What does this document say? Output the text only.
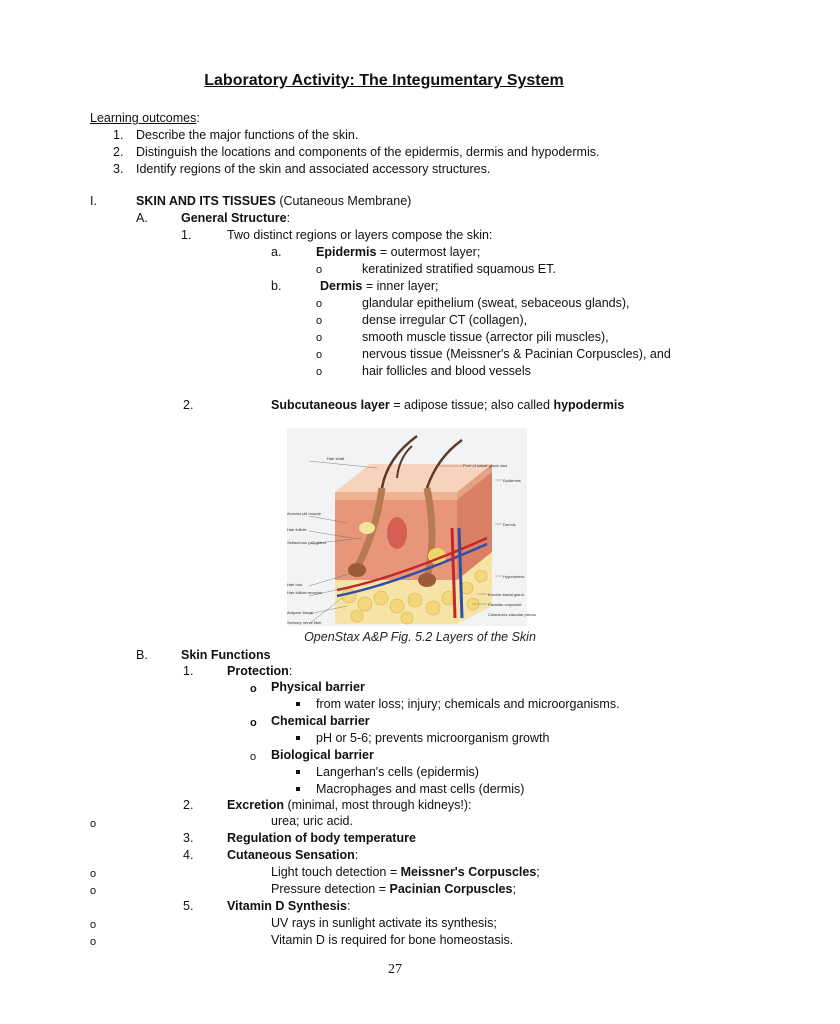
Laboratory Activity: The Integumentary System
Learning outcomes:
1. Describe the major functions of the skin.
2. Distinguish the locations and components of the epidermis, dermis and hypodermis.
3. Identify regions of the skin and associated accessory structures.
I.	SKIN AND ITS TISSUES (Cutaneous Membrane)
A.	General Structure:
1.	Two distinct regions or layers compose the skin:
a.	Epidermis = outermost layer;
o	keratinized stratified squamous ET.
b.	Dermis = inner layer;
o	glandular epithelium (sweat, sebaceous glands),
o	dense irregular CT (collagen),
o	smooth muscle tissue (arrector pili muscles),
o	nervous tissue (Meissner's & Pacinian Corpuscles), and
o	hair follicles and blood vessels
2.	Subcutaneous layer = adipose tissue; also called hypodermis
Hair shaft
Arrector pili muscle
Hair follicle
Sebaceous (oil) gland
Hair root
Hair follicle receptor
Adipose tissue
Sensory nerve fiber
Pore of sweat gland duct
Epidermis
Dermis
Hypodermis
Eccrine sweat gland
Pacinian corpuscle
Cutaneous vascular plexus
OpenStax A&P Fig. 5.2 Layers of the Skin
B.	Skin Functions
1.	Protection:
o Physical barrier
from water loss; injury; chemicals and microorganisms.
o Chemical barrier
pH or 5-6; prevents microorganism growth
o Biological barrier
Langerhan's cells (epidermis)
Macrophages and mast cells (dermis)
2.	Excretion (minimal, most through kidneys!):
o	urea; uric acid.
3.	Regulation of body temperature
4.	Cutaneous Sensation:
o	Light touch detection = Meissner's Corpuscles;
o	Pressure detection = Pacinian Corpuscles;
5.	Vitamin D Synthesis:
o	UV rays in sunlight activate its synthesis;
o	Vitamin D is required for bone homeostasis.
27
